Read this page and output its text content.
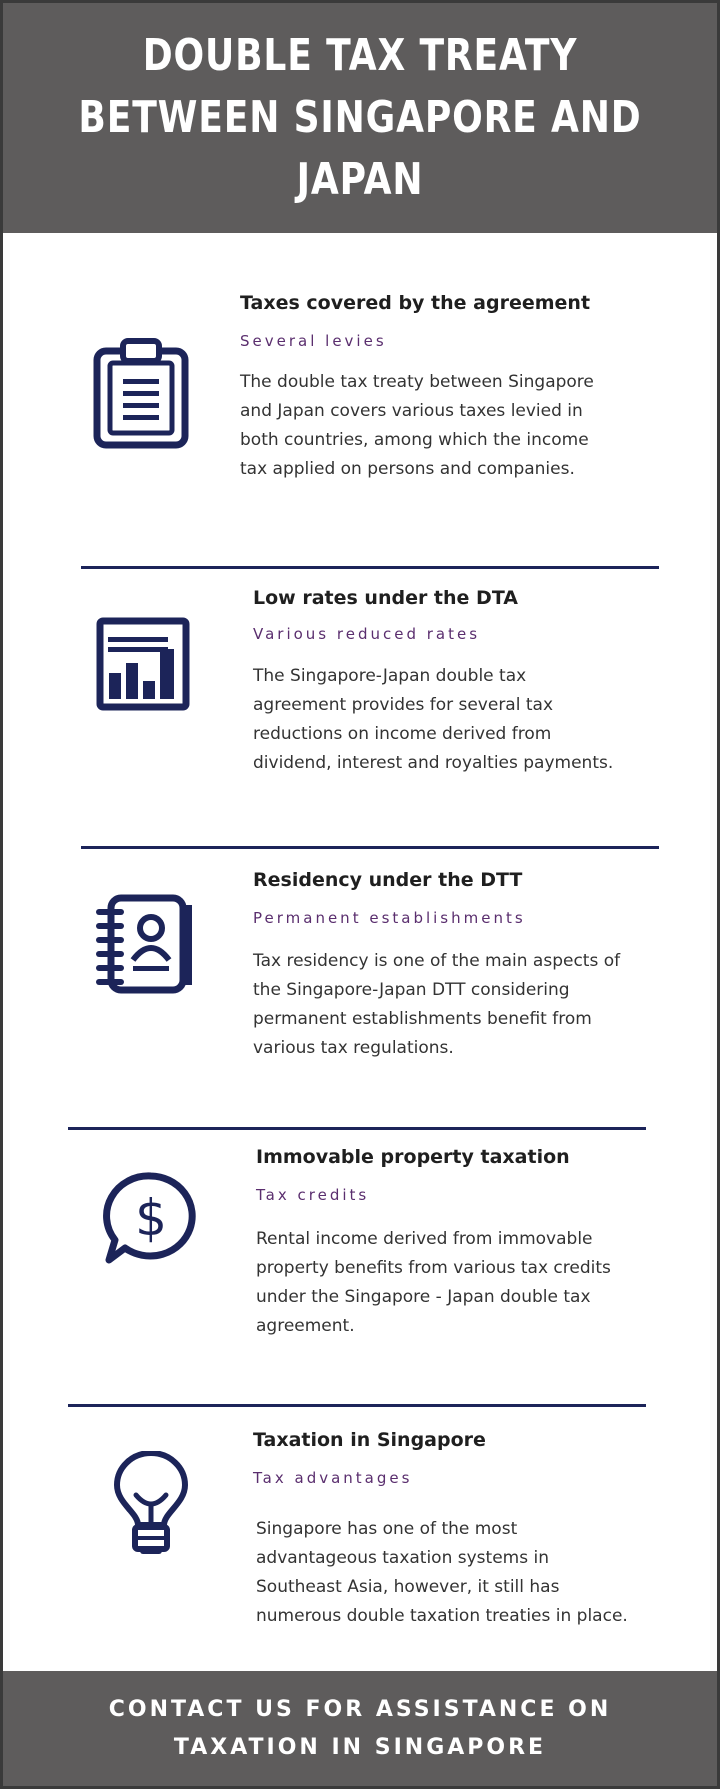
DOUBLE TAX TREATY BETWEEN SINGAPORE AND JAPAN
Taxes covered by the agreement

Several levies

The double tax treaty between Singapore and Japan covers various taxes levied in both countries, among which the income tax applied on persons and companies.

Low rates under the DTA

Various reduced rates

The Singapore-Japan double tax agreement provides for several tax reductions on income derived from dividend, interest and royalties payments.

Residency under the DTT

Permanent establishments

Tax residency is one of the main aspects of the Singapore-Japan DTT considering permanent establishments benefit from various tax regulations.

$
Immovable property taxation

Tax credits

Rental income derived from immovable property benefits from various tax credits under the Singapore - Japan double tax agreement.

Taxation in Singapore

Tax advantages

Singapore has one of the most advantageous taxation systems in Southeast Asia, however, it still has numerous double taxation treaties in place.

CONTACT US FOR ASSISTANCE ON TAXATION IN SINGAPORE
